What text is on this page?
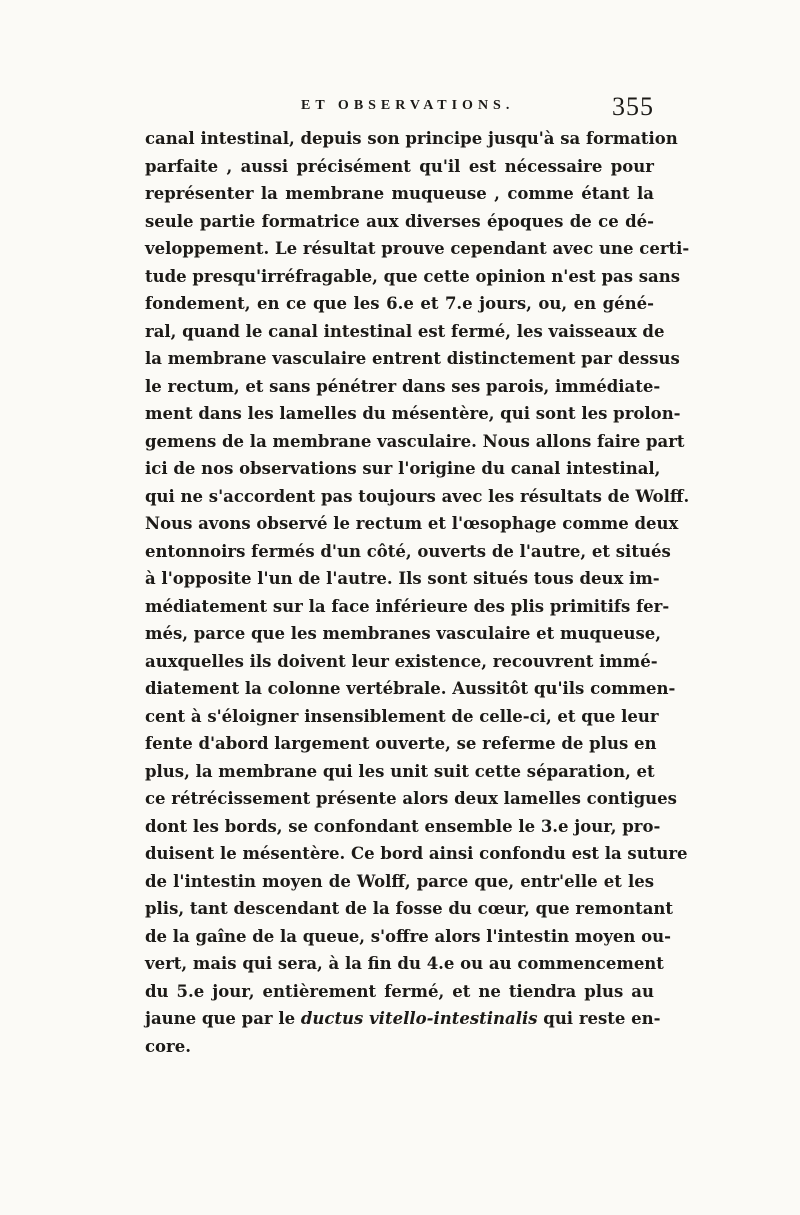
ET OBSERVATIONS.	355
canal intestinal, depuis son principe jusqu'à sa formation
parfaite , aussi précisément qu'il est nécessaire pour
représenter la membrane muqueuse , comme étant la
seule partie formatrice aux diverses époques de ce dé-
veloppement. Le résultat prouve cependant avec une certi-
tude presqu'irréfragable, que cette opinion n'est pas sans
fondement, en ce que les 6.e et 7.e jours, ou, en géné-
ral, quand le canal intestinal est fermé, les vaisseaux de
la membrane vasculaire entrent distinctement par dessus
le rectum, et sans pénétrer dans ses parois, immédiate-
ment dans les lamelles du mésentère, qui sont les prolon-
gemens de la membrane vasculaire. Nous allons faire part
ici de nos observations sur l'origine du canal intestinal,
qui ne s'accordent pas toujours avec les résultats de Wolff.
Nous avons observé le rectum et l'œsophage comme deux
entonnoirs fermés d'un côté, ouverts de l'autre, et situés
à l'opposite l'un de l'autre. Ils sont situés tous deux im-
médiatement sur la face inférieure des plis primitifs fer-
més, parce que les membranes vasculaire et muqueuse,
auxquelles ils doivent leur existence, recouvrent immé-
diatement la colonne vertébrale. Aussitôt qu'ils commen-
cent à s'éloigner insensiblement de celle-ci, et que leur
fente d'abord largement ouverte, se referme de plus en
plus, la membrane qui les unit suit cette séparation, et
ce rétrécissement présente alors deux lamelles contigues
dont les bords, se confondant ensemble le 3.e jour, pro-
duisent le mésentère. Ce bord ainsi confondu est la suture
de l'intestin moyen de Wolff, parce que, entr'elle et les
plis, tant descendant de la fosse du cœur, que remontant
de la gaîne de la queue, s'offre alors l'intestin moyen ou-
vert, mais qui sera, à la fin du 4.e ou au commencement
du 5.e jour, entièrement fermé, et ne tiendra plus au
jaune que par le ductus vitello-intestinalis qui reste en-
core.
